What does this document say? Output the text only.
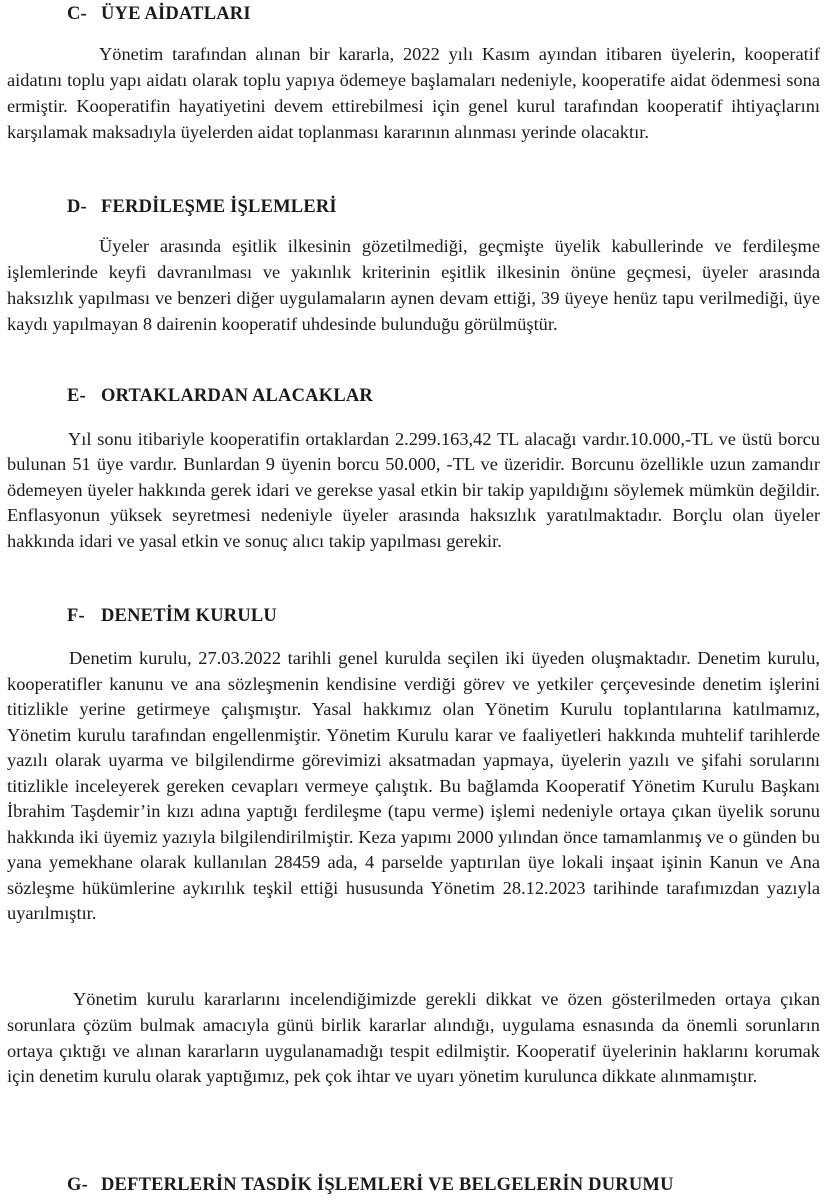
C- ÜYE AİDATLARI
Yönetim tarafından alınan bir kararla, 2022 yılı Kasım ayından itibaren üyelerin, kooperatif aidatını toplu yapı aidatı olarak toplu yapıya ödemeye başlamaları nedeniyle, kooperatife aidat ödenmesi sona ermiştir. Kooperatifin hayatiyetini devem ettirebilmesi için genel kurul tarafından kooperatif ihtiyaçlarını karşılamak maksadıyla üyelerden aidat toplanması kararının alınması yerinde olacaktır.
D- FERDİLEŞME İŞLEMLERİ
Üyeler arasında eşitlik ilkesinin gözetilmediği, geçmişte üyelik kabullerinde ve ferdileşme işlemlerinde keyfi davranılması ve yakınlık kriterinin eşitlik ilkesinin önüne geçmesi, üyeler arasında haksızlık yapılması ve benzeri diğer uygulamaların aynen devam ettiği, 39 üyeye henüz tapu verilmediği, üye kaydı yapılmayan 8 dairenin kooperatif uhdesinde bulunduğu görülmüştür.
E- ORTAKLARDAN ALACAKLAR
Yıl sonu itibariyle kooperatifin ortaklardan 2.299.163,42 TL alacağı vardır.10.000,-TL ve üstü borcu bulunan 51 üye vardır. Bunlardan 9 üyenin borcu 50.000, -TL ve üzeridir. Borcunu özellikle uzun zamandır ödemeyen üyeler hakkında gerek idari ve gerekse yasal etkin bir takip yapıldığını söylemek mümkün değildir. Enflasyonun yüksek seyretmesi nedeniyle üyeler arasında haksızlık yaratılmaktadır. Borçlu olan üyeler hakkında idari ve yasal etkin ve sonuç alıcı takip yapılması gerekir.
F- DENETİM KURULU
Denetim kurulu, 27.03.2022 tarihli genel kurulda seçilen iki üyeden oluşmaktadır. Denetim kurulu, kooperatifler kanunu ve ana sözleşmenin kendisine verdiği görev ve yetkiler çerçevesinde denetim işlerini titizlikle yerine getirmeye çalışmıştır. Yasal hakkımız olan Yönetim Kurulu toplantılarına katılmamız, Yönetim kurulu tarafından engellenmiştir. Yönetim Kurulu karar ve faaliyetleri hakkında muhtelif tarihlerde yazılı olarak uyarma ve bilgilendirme görevimizi aksatmadan yapmaya, üyelerin yazılı ve şifahi sorularını titizlikle inceleyerek gereken cevapları vermeye çalıştık. Bu bağlamda Kooperatif Yönetim Kurulu Başkanı İbrahim Taşdemir’in kızı adına yaptığı ferdileşme (tapu verme) işlemi nedeniyle ortaya çıkan üyelik sorunu hakkında iki üyemiz yazıyla bilgilendirilmiştir. Keza yapımı 2000 yılından önce tamamlanmış ve o günden bu yana yemekhane olarak kullanılan 28459 ada, 4 parselde yaptırılan üye lokali inşaat işinin Kanun ve Ana sözleşme hükümlerine aykırılık teşkil ettiği hususunda Yönetim 28.12.2023 tarihinde tarafımızdan yazıyla uyarılmıştır.
Yönetim kurulu kararlarını incelendiğimizde gerekli dikkat ve özen gösterilmeden ortaya çıkan sorunlara çözüm bulmak amacıyla günü birlik kararlar alındığı, uygulama esnasında da önemli sorunların ortaya çıktığı ve alınan kararların uygulanamadığı tespit edilmiştir. Kooperatif üyelerinin haklarını korumak için denetim kurulu olarak yaptığımız, pek çok ihtar ve uyarı yönetim kurulunca dikkate alınmamıştır.
G- DEFTERLERİN TASDİK İŞLEMLERİ VE BELGELERİN DURUMU
